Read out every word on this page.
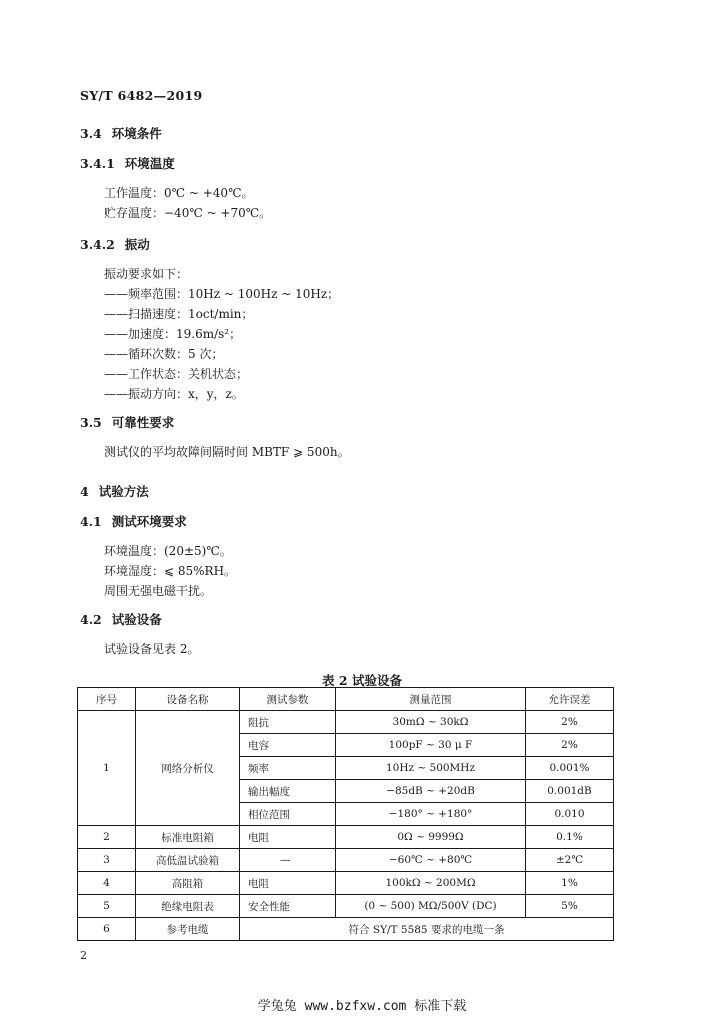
SY/T 6482—2019
3.4 环境条件
3.4.1 环境温度
工作温度：0℃ ~ +40℃。
贮存温度：−40℃ ~ +70℃。
3.4.2 振动
振动要求如下：
——频率范围：10Hz ~ 100Hz ~ 10Hz；
——扫描速度：1oct/min；
——加速度：19.6m/s²；
——循环次数：5 次；
——工作状态：关机状态；
——振动方向：x，y，z。
3.5 可靠性要求
测试仪的平均故障间隔时间 MBTF ⩾ 500h。
4 试验方法
4.1 测试环境要求
环境温度：(20±5)℃。
环境湿度：⩽ 85%RH。
周围无强电磁干扰。
4.2 试验设备
试验设备见表 2。
表 2 试验设备
序号	设备名称	测试参数	测量范围	允许误差
1	网络分析仪	阻抗	30mΩ ~ 30kΩ	2%
		电容	100pF ~ 30 μ F	2%
		频率	10Hz ~ 500MHz	0.001%
		输出幅度	−85dB ~ +20dB	0.001dB
		相位范围	−180° ~ +180°	0.010
2	标准电阻箱	电阻	0Ω ~ 9999Ω	0.1%
3	高低温试验箱	—	−60℃ ~ +80℃	±2℃
4	高阻箱	电阻	100kΩ ~ 200MΩ	1%
5	绝缘电阻表	安全性能	(0 ~ 500) MΩ/500V (DC)	5%
6	参考电缆	符合 SY/T 5585 要求的电缆一条		
2
学兔兔 www.bzfxw.com 标准下载
